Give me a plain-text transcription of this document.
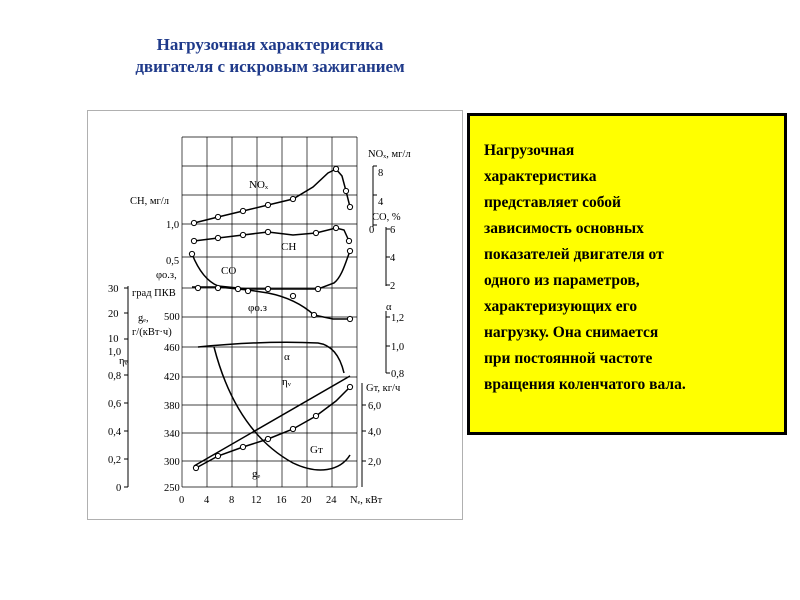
Нагрузочная характеристика
двигателя с искровым зажиганием
NOₓ
CH
CO
φо.з
α
ηᵥ
Gт
gₑ
CH, мг/л
1,0
0,5
φо.з,
град ПКВ
30
20
10
gₑ,
г/(кВт·ч)
500
460
420
380
340
300
250
ηᵥ
1,0
0,8
0,6
0,4
0,2
0
NOₓ, мг/л
8
4
0
CO, %
6
4
2
α
1,2
1,0
0,8
Gт, кг/ч
6,0
4,0
2,0
0 4 8 12 16 20 24 Nₑ, кВт
Нагрузочная
характеристика
представляет собой
зависимость основных
показателей двигателя от
одного из параметров,
характеризующих его
нагрузку. Она снимается
при постоянной частоте
вращения коленчатого вала.
